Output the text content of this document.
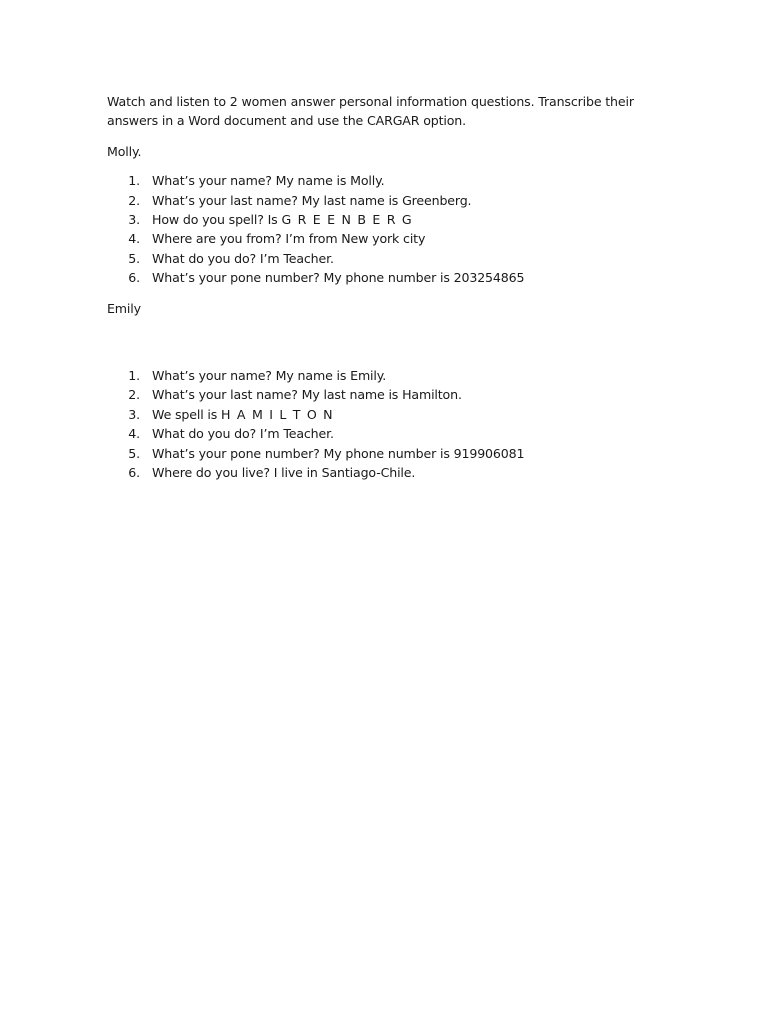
Watch and listen to 2 women answer personal information questions. Transcribe their answers in a Word document and use the CARGAR option.

Molly.

1. What’s your name? My name is Molly.
2. What’s your last name? My last name is Greenberg.
3. How do you spell? Is G R E E N B E R G
4. Where are you from? I’m from New york city
5. What do you do? I’m Teacher.
6. What’s your pone number? My phone number is 203254865

Emily

1. What’s your name? My name is Emily.
2. What’s your last name? My last name is Hamilton.
3. We spell is H A M I L T O N
4. What do you do? I’m Teacher.
5. What’s your pone number? My phone number is 919906081
6. Where do you live? I live in Santiago-Chile.
